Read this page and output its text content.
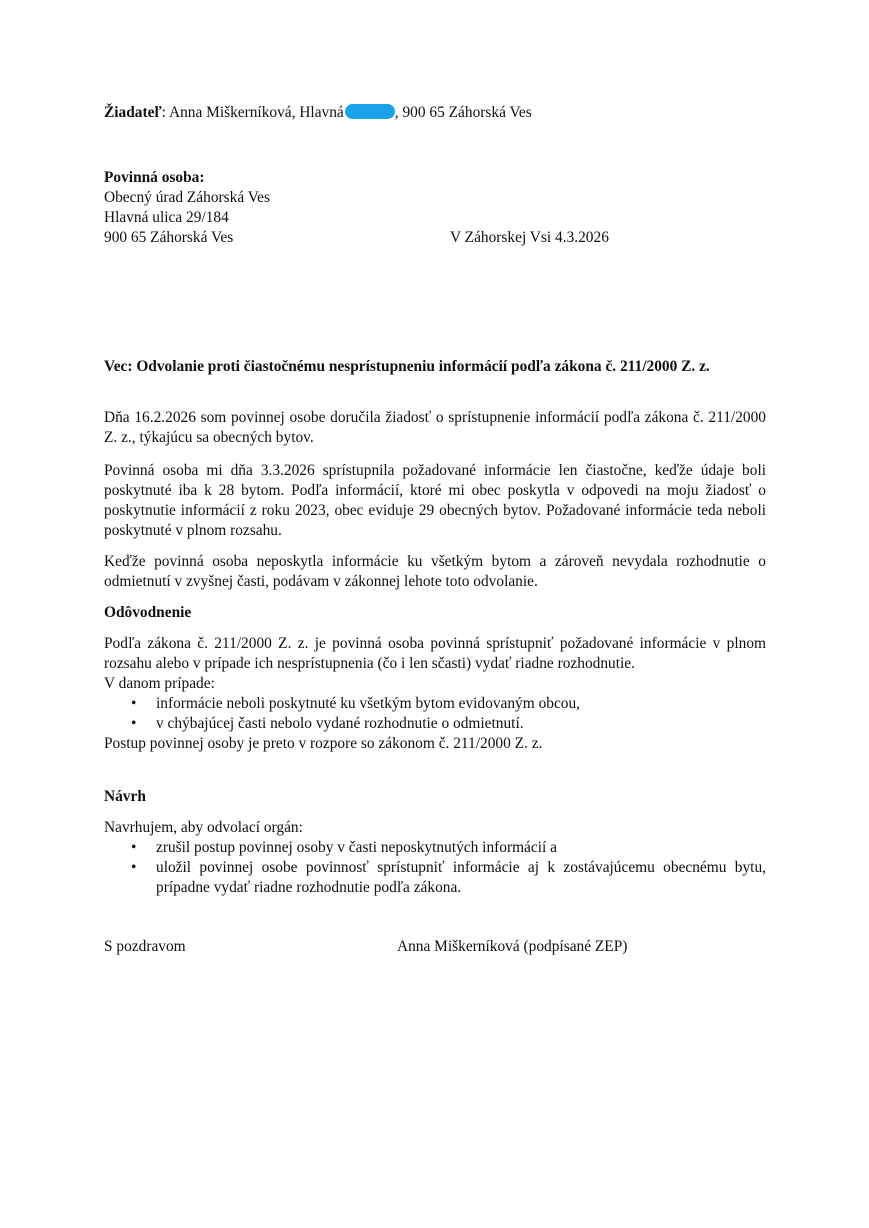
Žiadateľ: Anna Miškerníková, Hlavná	, 900 65 Záhorská Ves
Povinná osoba:
Obecný úrad Záhorská Ves
Hlavná ulica 29/184
900 65 Záhorská Ves	V Záhorskej Vsi 4.3.2026
Vec: Odvolanie proti čiastočnému nesprístupneniu informácií podľa zákona č. 211/2000 Z. z.
Dňa 16.2.2026 som povinnej osobe doručila žiadosť o sprístupnenie informácií podľa zákona č. 211/2000 Z. z., týkajúcu sa obecných bytov.
Povinná osoba mi dňa 3.3.2026 sprístupnila požadované informácie len čiastočne, keďže údaje boli poskytnuté iba k 28 bytom. Podľa informácií, ktoré mi obec poskytla v odpovedi na moju žiadosť o poskytnutie informácií z roku 2023, obec eviduje 29 obecných bytov. Požadované informácie teda neboli poskytnuté v plnom rozsahu.
Keďže povinná osoba neposkytla informácie ku všetkým bytom a zároveň nevydala rozhodnutie o odmietnutí v zvyšnej časti, podávam v zákonnej lehote toto odvolanie.
Odôvodnenie
Podľa zákona č. 211/2000 Z. z. je povinná osoba povinná sprístupniť požadované informácie v plnom rozsahu alebo v prípade ich nesprístupnenia (čo i len sčasti) vydať riadne rozhodnutie.
V danom prípade:
• informácie neboli poskytnuté ku všetkým bytom evidovaným obcou,
• v chýbajúcej časti nebolo vydané rozhodnutie o odmietnutí.
Postup povinnej osoby je preto v rozpore so zákonom č. 211/2000 Z. z.
Návrh
Navrhujem, aby odvolací orgán:
• zrušil postup povinnej osoby v časti neposkytnutých informácií a
• uložil povinnej osobe povinnosť sprístupniť informácie aj k zostávajúcemu obecnému bytu, prípadne vydať riadne rozhodnutie podľa zákona.
S pozdravom	Anna Miškerníková (podpísané ZEP)
